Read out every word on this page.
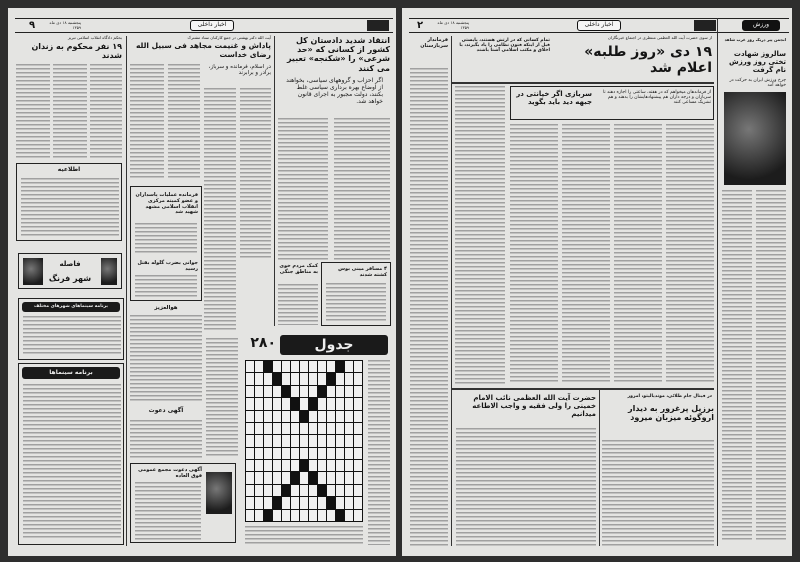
۹	پنجشنبه ۱۸ دی ماه ۱۳۵۹	اخبار داخلی
انتقاد شدید دادستان کل کشور از کسانی که «حد شرعی» را «شکنجه» تعبیر می کنند
اگر احزاب و گروههای سیاسی، بخواهند از اوضاع بهره برداری سیاسی غلط بکنند، دولت مجبور به اجرای قانون خواهد شد.
کمک مردم خوی به مناطق جنگی	۴ مسافر مینی بوس کشته شدند
جدول
۲۸۰
آیت الله دکتر بهشتی در جمع کارکنان ستاد مشترک
پاداش و غنیمت مجاهد فی سبیل الله رضای خداست
در اسلام، فرمانده و سرباز، برادر و برابرند
فرمانده عملیات پاسداران و عضو کمیته مرکزی انقلاب اسلامی مشهد شهید شد
جوانی بضرب گلوله بقتل رسید
هوالعزیز
آگهی دعوت
آگهی دعوت مجمع عمومی فوق العاده
بحکم دادگاه انقلاب اسلامی تبریز
۱۹ نفر محکوم به زندان شدند
اطلاعیه
فاصله
شهر فرنگ
برنامه سینماهای شهرهای مختلف
برنامه سینماها
۲	پنجشنبه ۱۸ دی ماه ۱۳۵۹	اخبار داخلی	ورزش
انجمن پیر دریک روز غرب شاهد
سالروز شهادت تختی روز ورزش نام گرفت
چرخ ورزش ایران به حرکت در خواهد آمد
از سوی حضرت آیت الله العظمی منتظری در اجتماع خبرنگاران
۱۹ دی «روز طلبه» اعلام شد
تمام کسانی که در ارتش هستند، بایستی قبل از اینکه فنون نظامی را یاد بگیرند، با اخلاق و مکتب اسلامی آشنا باشند
فرماندار سربازستان
از فرماندهان میخواهم که در هفته، ساعتی را اجازه دهند تا سربازان و درجه داران هم پیشنهادهایشان را بدهند و هم تشریک مساعی کنند
سربازی اگر خیانتی در جبهه دید باید بگوید
حضرت آیت الله العظمی نائب الامام خمینی را ولی فقیه و واجب الاطاعه میدانیم
در فینال جام طلائی، موندیالیتو، امروز
برزیل پرغرور به دیدار اروگوئه میزبان میرود
